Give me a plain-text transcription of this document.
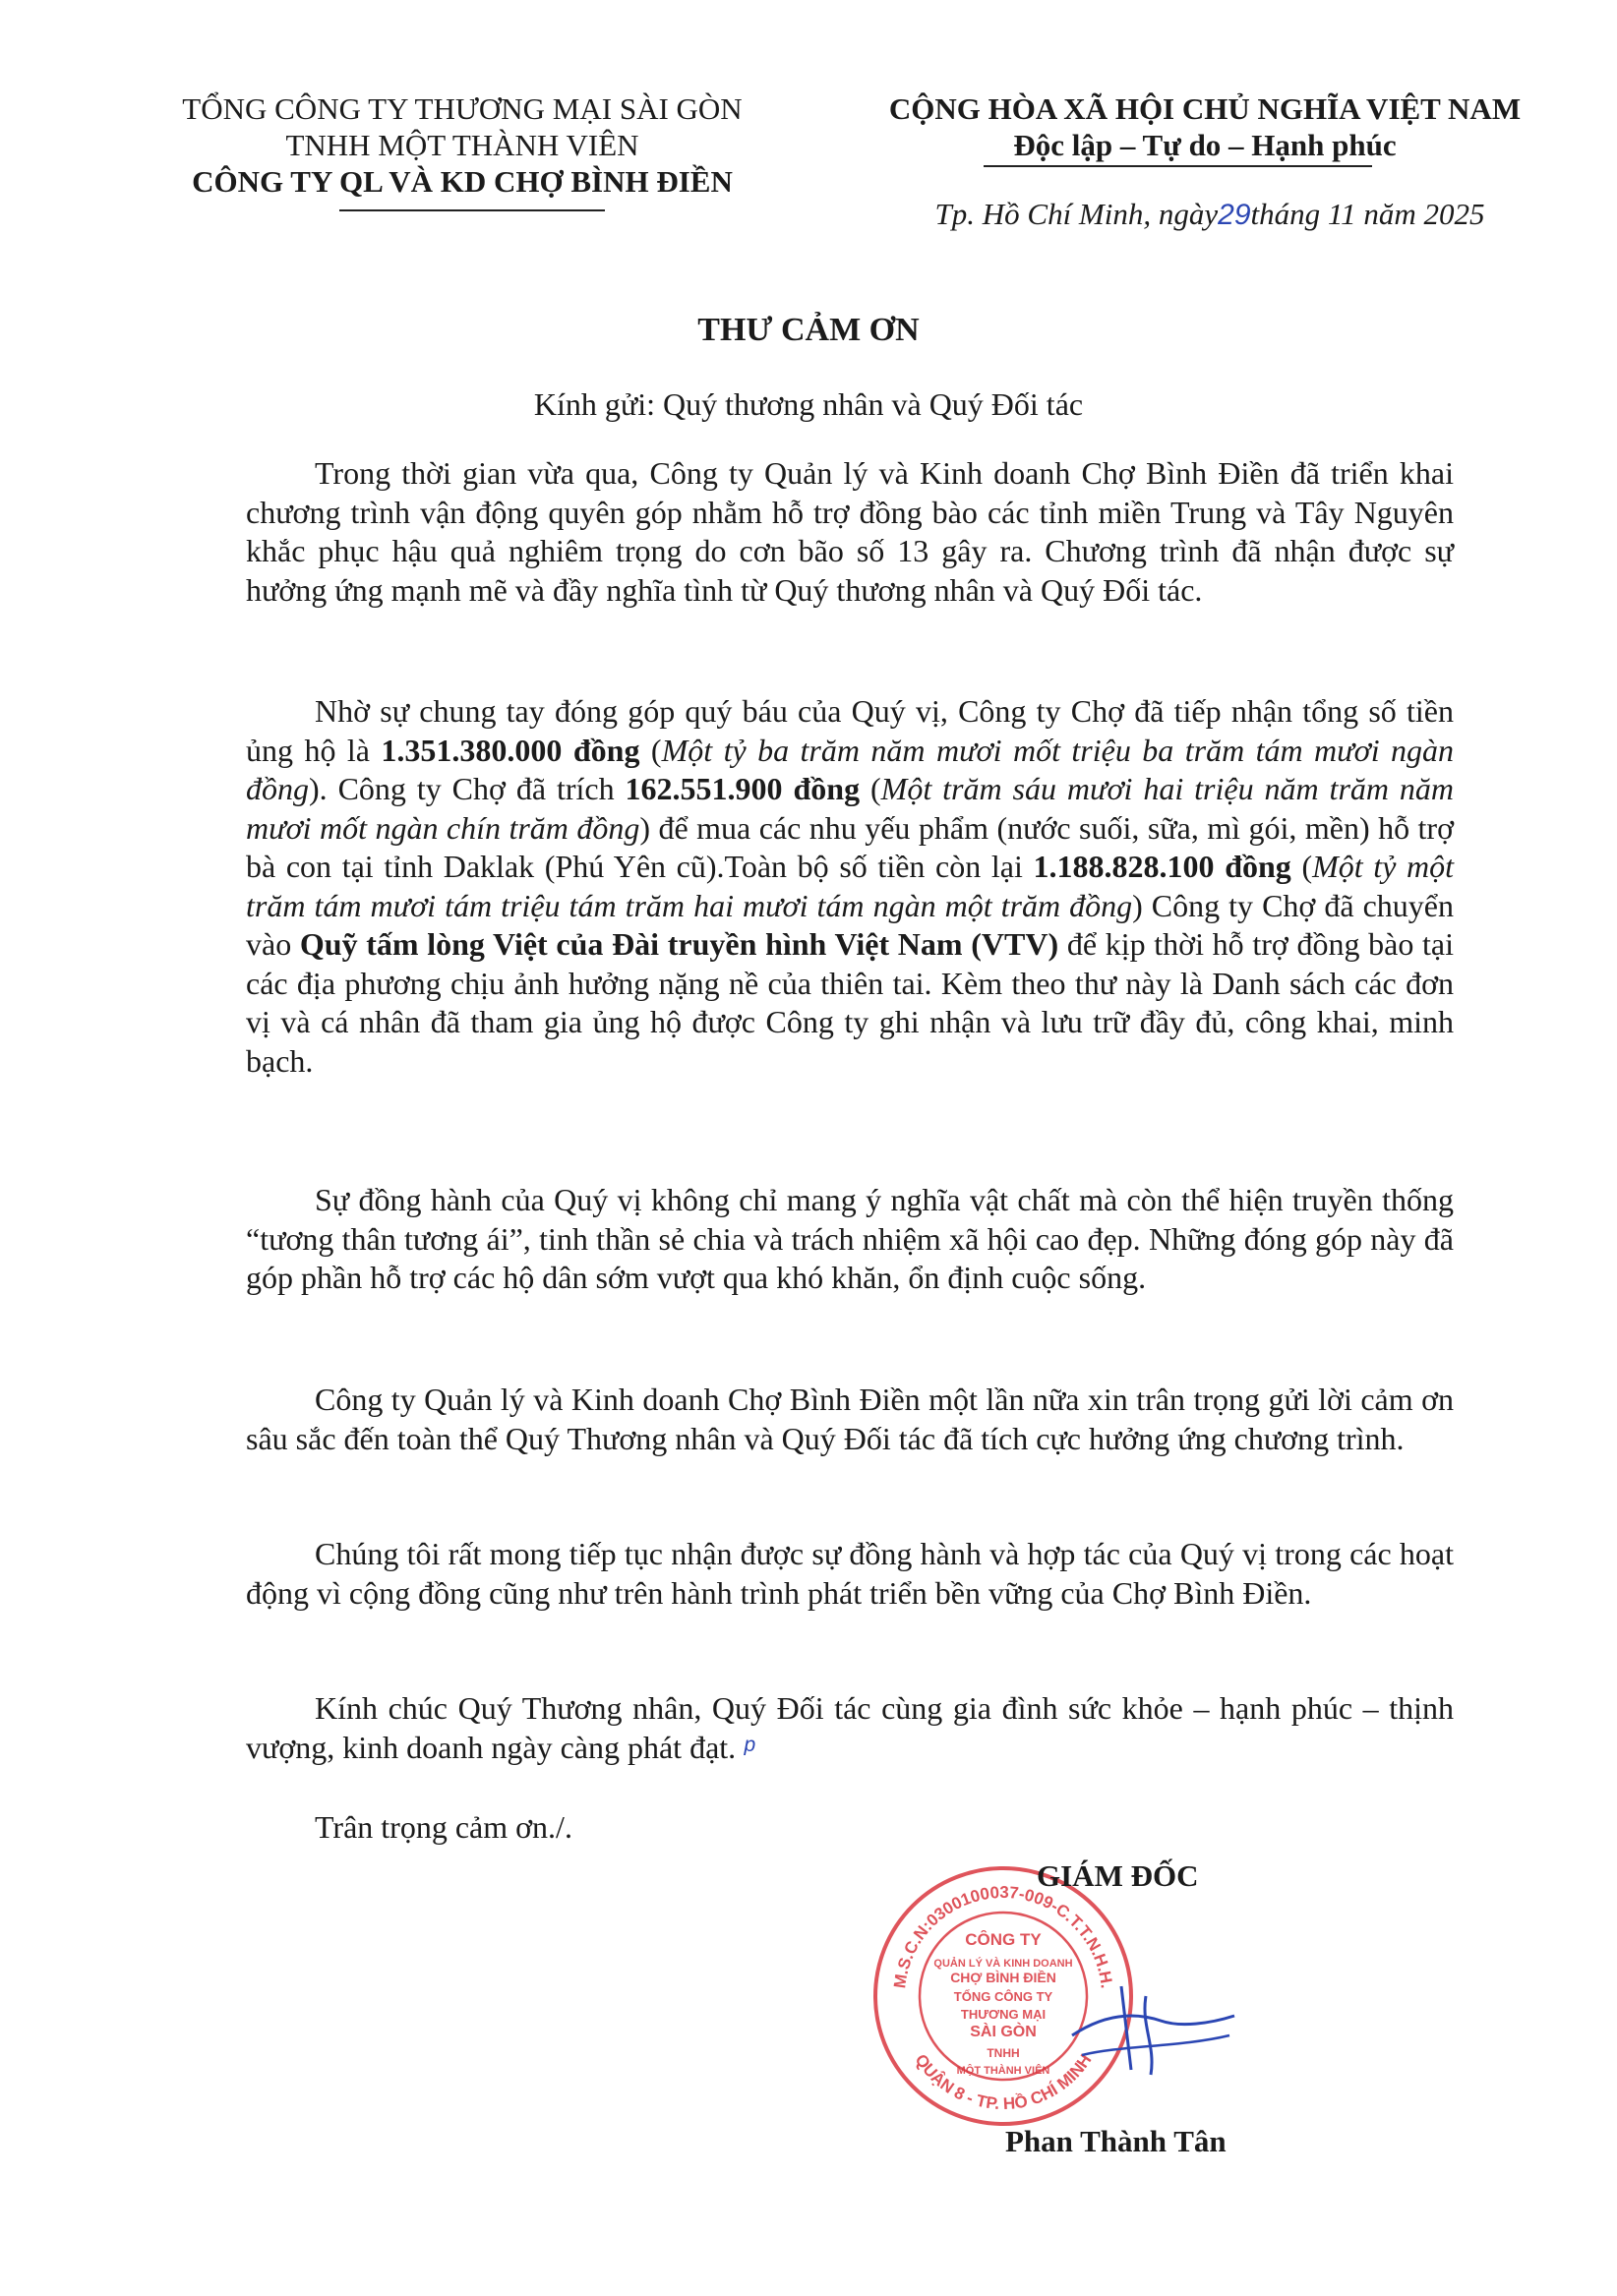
TỔNG CÔNG TY THƯƠNG MẠI SÀI GÒN
TNHH MỘT THÀNH VIÊN
CÔNG TY QL VÀ KD CHỢ BÌNH ĐIỀN
CỘNG HÒA XÃ HỘI CHỦ NGHĨA VIỆT NAM
Độc lập – Tự do – Hạnh phúc
Tp. Hồ Chí Minh, ngày29tháng 11 năm 2025
THƯ CẢM ƠN
Kính gửi: Quý thương nhân và Quý Đối tác
Trong thời gian vừa qua, Công ty Quản lý và Kinh doanh Chợ Bình Điền đã triển khai chương trình vận động quyên góp nhằm hỗ trợ đồng bào các tỉnh miền Trung và Tây Nguyên khắc phục hậu quả nghiêm trọng do cơn bão số 13 gây ra. Chương trình đã nhận được sự hưởng ứng mạnh mẽ và đầy nghĩa tình từ Quý thương nhân và Quý Đối tác.
Nhờ sự chung tay đóng góp quý báu của Quý vị, Công ty Chợ đã tiếp nhận tổng số tiền ủng hộ là 1.351.380.000 đồng (Một tỷ ba trăm năm mươi mốt triệu ba trăm tám mươi ngàn đồng). Công ty Chợ đã trích 162.551.900 đồng (Một trăm sáu mươi hai triệu năm trăm năm mươi mốt ngàn chín trăm đồng) để mua các nhu yếu phẩm (nước suối, sữa, mì gói, mền) hỗ trợ bà con tại tỉnh Daklak (Phú Yên cũ).Toàn bộ số tiền còn lại 1.188.828.100 đồng (Một tỷ một trăm tám mươi tám triệu tám trăm hai mươi tám ngàn một trăm đồng) Công ty Chợ đã chuyển vào Quỹ tấm lòng Việt của Đài truyền hình Việt Nam (VTV) để kịp thời hỗ trợ đồng bào tại các địa phương chịu ảnh hưởng nặng nề của thiên tai. Kèm theo thư này là Danh sách các đơn vị và cá nhân đã tham gia ủng hộ được Công ty ghi nhận và lưu trữ đầy đủ, công khai, minh bạch.
Sự đồng hành của Quý vị không chỉ mang ý nghĩa vật chất mà còn thể hiện truyền thống “tương thân tương ái”, tinh thần sẻ chia và trách nhiệm xã hội cao đẹp. Những đóng góp này đã góp phần hỗ trợ các hộ dân sớm vượt qua khó khăn, ổn định cuộc sống.
Công ty Quản lý và Kinh doanh Chợ Bình Điền một lần nữa xin trân trọng gửi lời cảm ơn sâu sắc đến toàn thể Quý Thương nhân và Quý Đối tác đã tích cực hưởng ứng chương trình.
Chúng tôi rất mong tiếp tục nhận được sự đồng hành và hợp tác của Quý vị trong các hoạt động vì cộng đồng cũng như trên hành trình phát triển bền vững của Chợ Bình Điền.
Kính chúc Quý Thương nhân, Quý Đối tác cùng gia đình sức khỏe – hạnh phúc – thịnh vượng, kinh doanh ngày càng phát đạt. ᵖ
Trân trọng cảm ơn./.
M.S.C.N:0300100037-009-C.T.T.N.H.H.
QUẬN 8 - TP. HỒ CHÍ MINH
CÔNG TY
QUẢN LÝ VÀ KINH DOANH
CHỢ BÌNH ĐIỀN
TỔNG CÔNG TY
THƯƠNG MẠI
SÀI GÒN
TNHH
MỘT THÀNH VIÊN
GIÁM ĐỐC
Phan Thành Tân
